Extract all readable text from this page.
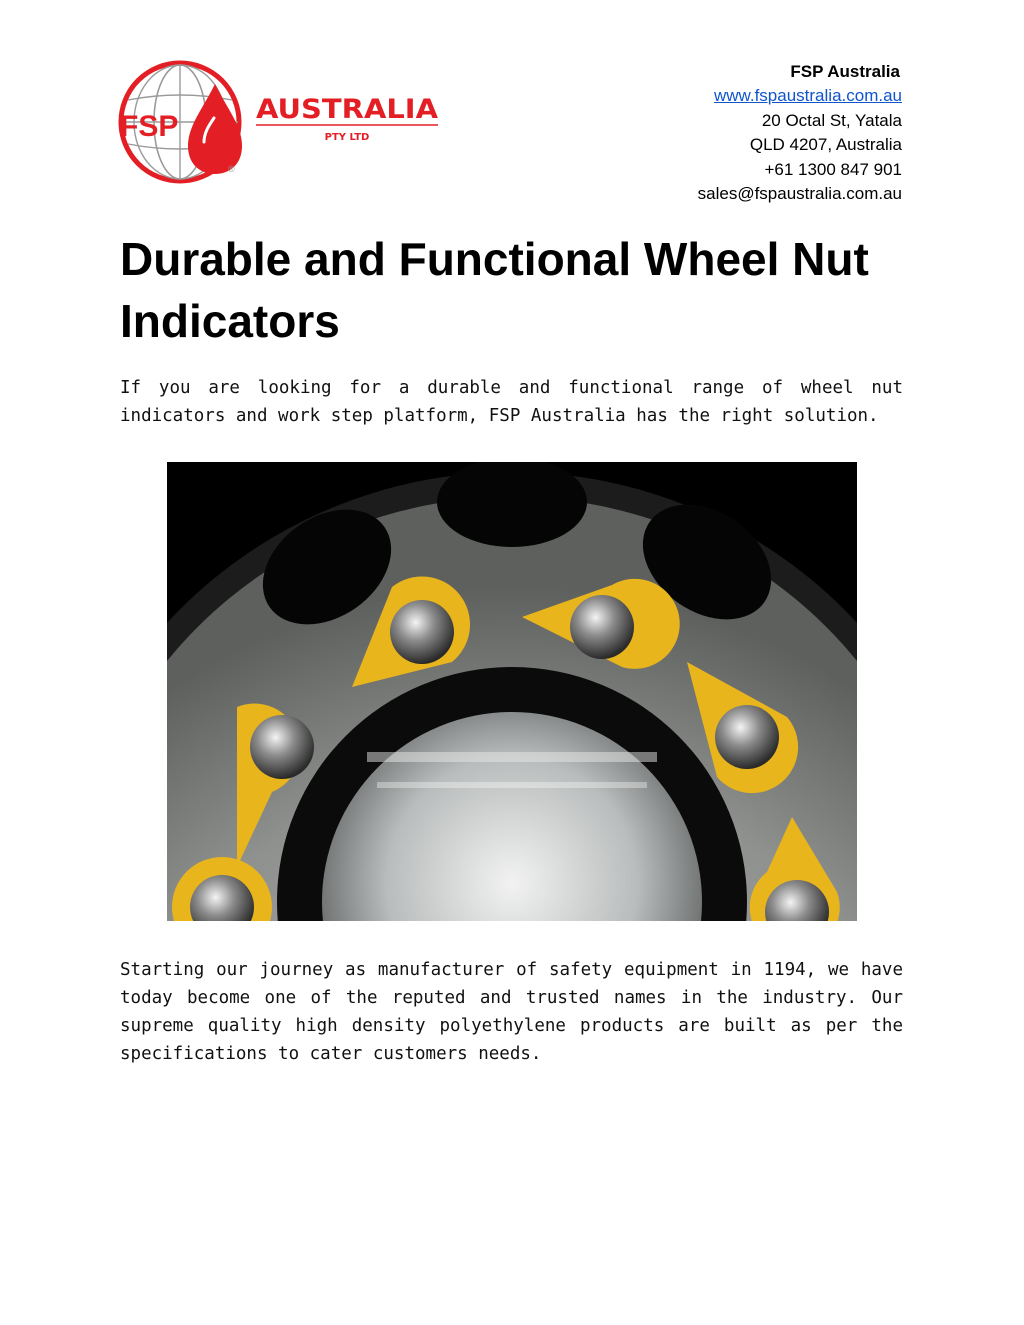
FSP
®
AUSTRALIA
PTY LTD
FSP Australia
www.fspaustralia.com.au
20 Octal St, Yatala
QLD 4207, Australia
+61 1300 847 901
sales@fspaustralia.com.au
Durable and Functional Wheel Nut Indicators

If you are looking for a durable and functional range of wheel nut indicators and work step platform, FSP Australia has the right solution.

Starting our journey as manufacturer of safety equipment in 1194, we have today become one of the reputed and trusted names in the industry. Our supreme quality high density polyethylene products are built as per the specifications to cater customers needs.
